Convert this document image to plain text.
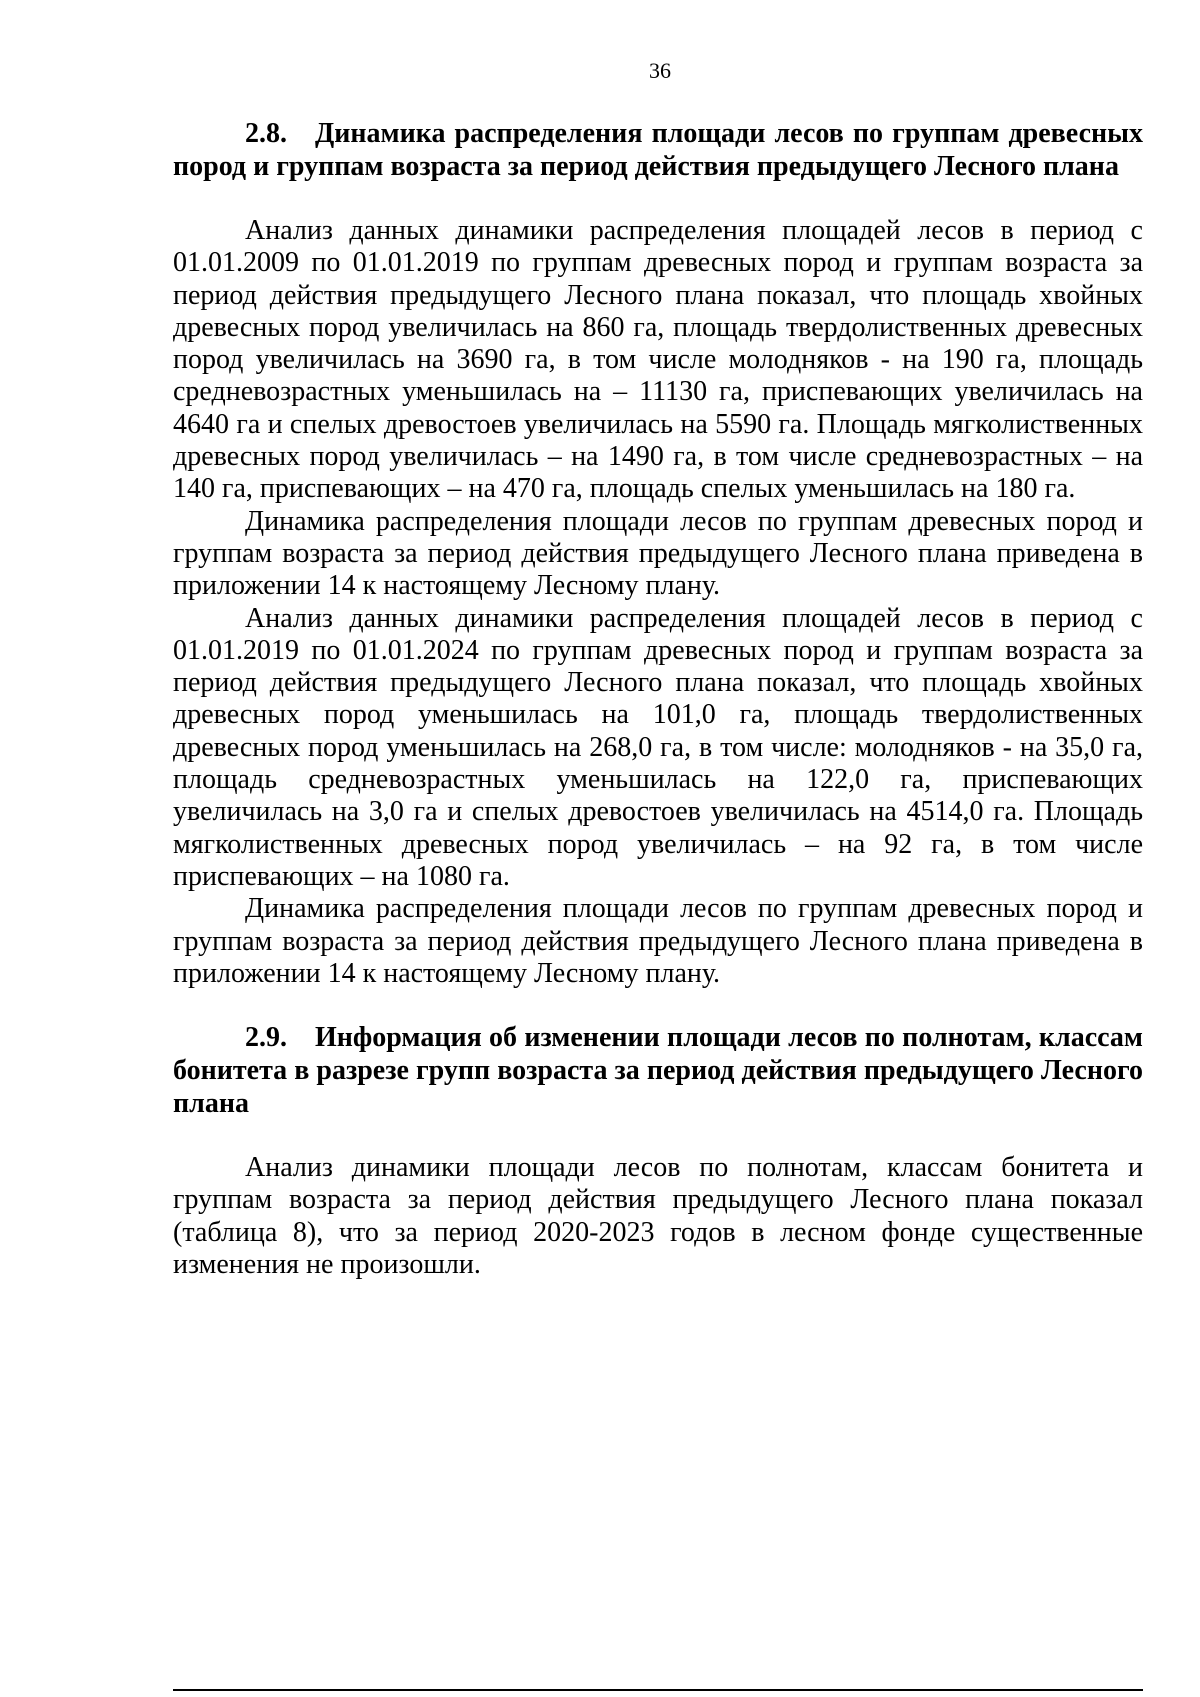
36
2.8. Динамика распределения площади лесов по группам древесных пород и группам возраста за период действия предыдущего Лесного плана

Анализ данных динамики распределения площадей лесов в период с 01.01.2009 по 01.01.2019 по группам древесных пород и группам возраста за период действия предыдущего Лесного плана показал, что площадь хвойных древесных пород увеличилась на 860 га, площадь твердолиственных древесных пород увеличилась на 3690 га, в том числе молодняков - на 190 га, площадь средневозрастных уменьшилась на – 11130 га, приспевающих увеличилась на 4640 га и спелых древостоев увеличилась на 5590 га. Площадь мягколиственных древесных пород увеличилась – на 1490 га, в том числе средневозрастных – на 140 га, приспевающих – на 470 га, площадь спелых уменьшилась на 180 га.

Динамика распределения площади лесов по группам древесных пород и группам возраста за период действия предыдущего Лесного плана приведена в приложении 14 к настоящему Лесному плану.

Анализ данных динамики распределения площадей лесов в период с 01.01.2019 по 01.01.2024 по группам древесных пород и группам возраста за период действия предыдущего Лесного плана показал, что площадь хвойных древесных пород уменьшилась на 101,0 га, площадь твердолиственных древесных пород уменьшилась на 268,0 га, в том числе: молодняков - на 35,0 га, площадь средневозрастных уменьшилась на 122,0 га, приспевающих увеличилась на 3,0 га и спелых древостоев увеличилась на 4514,0 га. Площадь мягколиственных древесных пород увеличилась – на 92 га, в том числе приспевающих – на 1080 га.

Динамика распределения площади лесов по группам древесных пород и группам возраста за период действия предыдущего Лесного плана приведена в приложении 14 к настоящему Лесному плану.

2.9. Информация об изменении площади лесов по полнотам, классам бонитета в разрезе групп возраста за период действия предыдущего Лесного плана

Анализ динамики площади лесов по полнотам, классам бонитета и группам возраста за период действия предыдущего Лесного плана показал (таблица 8), что за период 2020-2023 годов в лесном фонде существенные изменения не произошли.
